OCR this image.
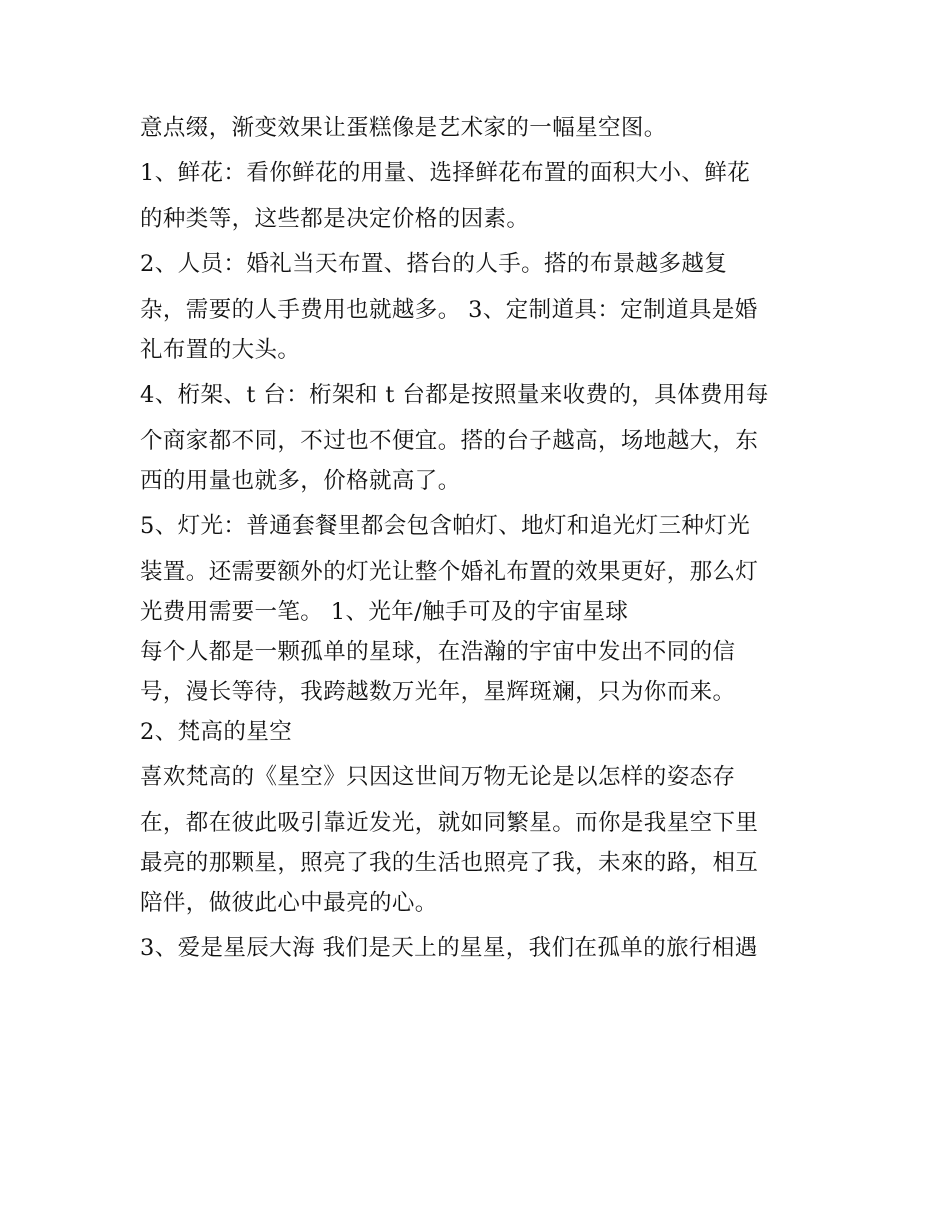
意点缀，渐变效果让蛋糕像是艺术家的一幅星空图。
1、鲜花：看你鲜花的用量、选择鲜花布置的面积大小、鲜花
的种类等，这些都是决定价格的因素。
2、人员：婚礼当天布置、搭台的人手。搭的布景越多越复
杂，需要的人手费用也就越多。 3、定制道具：定制道具是婚
礼布置的大头。
4、桁架、t 台：桁架和 t 台都是按照量来收费的，具体费用每
个商家都不同，不过也不便宜。搭的台子越高，场地越大，东
西的用量也就多，价格就高了。
5、灯光：普通套餐里都会包含帕灯、地灯和追光灯三种灯光
装置。还需要额外的灯光让整个婚礼布置的效果更好，那么灯
光费用需要一笔。 1、光年/触手可及的宇宙星球
每个人都是一颗孤单的星球，在浩瀚的宇宙中发出不同的信
号，漫长等待，我跨越数万光年，星辉斑斓，只为你而来。
2、梵高的星空
喜欢梵高的《星空》只因这世间万物无论是以怎样的姿态存
在，都在彼此吸引靠近发光，就如同繁星。而你是我星空下里
最亮的那颗星，照亮了我的生活也照亮了我，未來的路，相互
陪伴，做彼此心中最亮的心。
3、爱是星辰大海 我们是天上的星星，我们在孤单的旅行相遇
